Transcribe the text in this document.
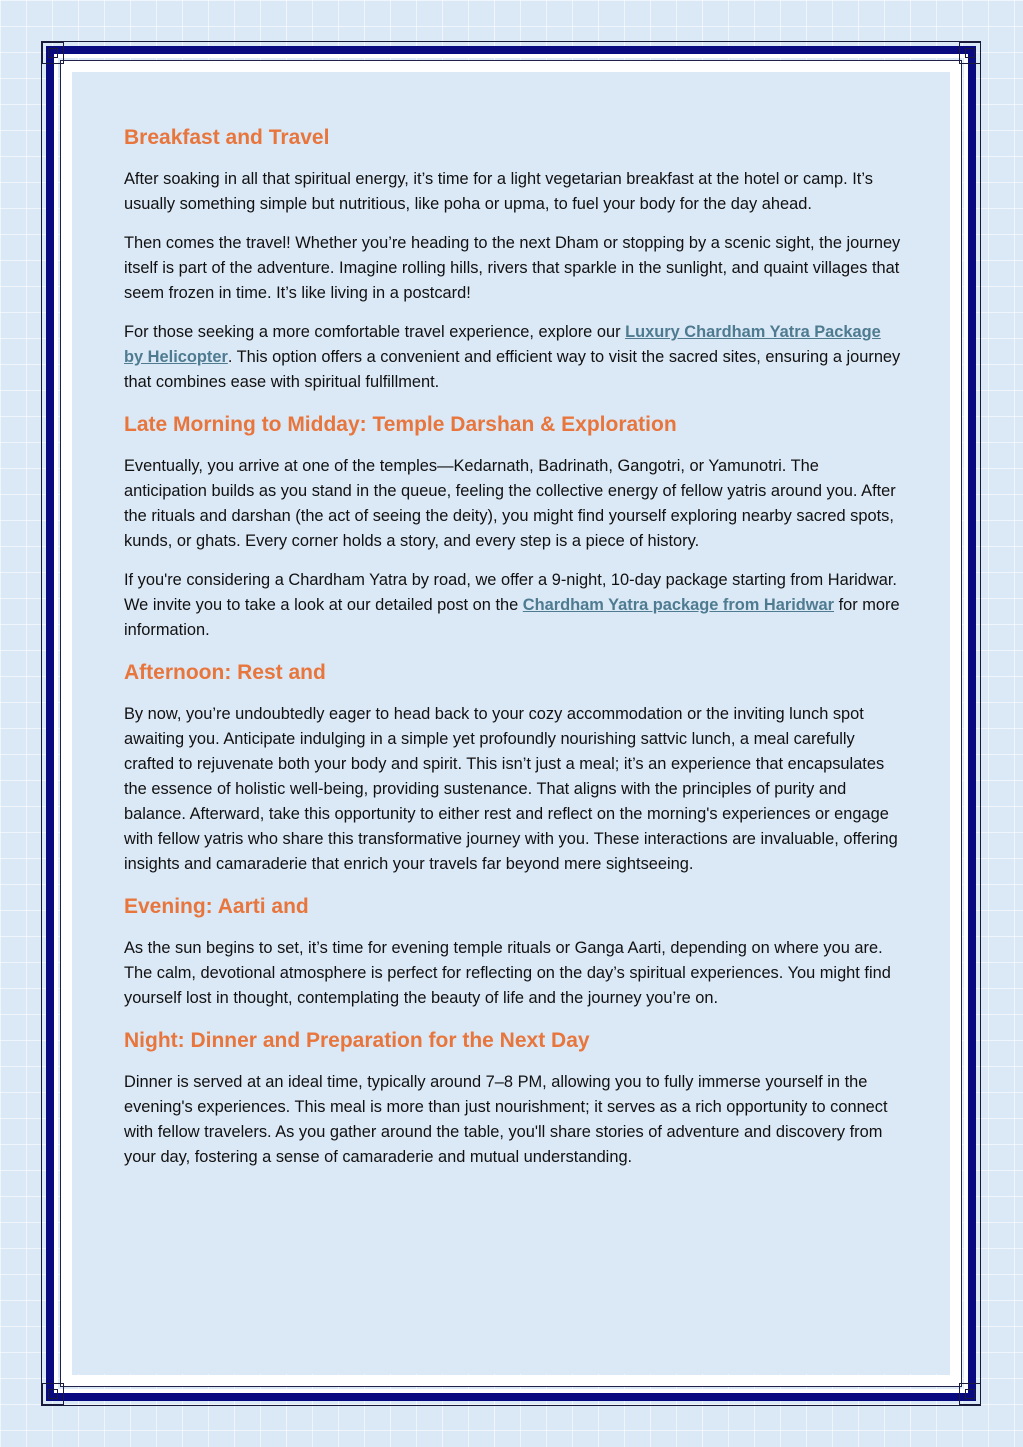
Breakfast and Travel

After soaking in all that spiritual energy, it’s time for a light vegetarian breakfast at the hotel or camp. It’s usually something simple but nutritious, like poha or upma, to fuel your body for the day ahead.

Then comes the travel! Whether you’re heading to the next Dham or stopping by a scenic sight, the journey itself is part of the adventure. Imagine rolling hills, rivers that sparkle in the sunlight, and quaint villages that seem frozen in time. It’s like living in a postcard!

For those seeking a more comfortable travel experience, explore our Luxury Chardham Yatra Package by Helicopter. This option offers a convenient and efficient way to visit the sacred sites, ensuring a journey that combines ease with spiritual fulfillment.

Late Morning to Midday: Temple Darshan & Exploration

Eventually, you arrive at one of the temples—Kedarnath, Badrinath, Gangotri, or Yamunotri. The anticipation builds as you stand in the queue, feeling the collective energy of fellow yatris around you. After the rituals and darshan (the act of seeing the deity), you might find yourself exploring nearby sacred spots, kunds, or ghats. Every corner holds a story, and every step is a piece of history.

If you're considering a Chardham Yatra by road, we offer a 9-night, 10-day package starting from Haridwar. We invite you to take a look at our detailed post on the Chardham Yatra package from Haridwar for more information.

Afternoon: Rest and

By now, you’re undoubtedly eager to head back to your cozy accommodation or the inviting lunch spot awaiting you. Anticipate indulging in a simple yet profoundly nourishing sattvic lunch, a meal carefully crafted to rejuvenate both your body and spirit. This isn’t just a meal; it’s an experience that encapsulates the essence of holistic well-being, providing sustenance. That aligns with the principles of purity and balance. Afterward, take this opportunity to either rest and reflect on the morning's experiences or engage with fellow yatris who share this transformative journey with you. These interactions are invaluable, offering insights and camaraderie that enrich your travels far beyond mere sightseeing.

Evening: Aarti and

As the sun begins to set, it’s time for evening temple rituals or Ganga Aarti, depending on where you are. The calm, devotional atmosphere is perfect for reflecting on the day’s spiritual experiences. You might find yourself lost in thought, contemplating the beauty of life and the journey you’re on.

Night: Dinner and Preparation for the Next Day

Dinner is served at an ideal time, typically around 7–8 PM, allowing you to fully immerse yourself in the evening's experiences. This meal is more than just nourishment; it serves as a rich opportunity to connect with fellow travelers. As you gather around the table, you'll share stories of adventure and discovery from your day, fostering a sense of camaraderie and mutual understanding.
